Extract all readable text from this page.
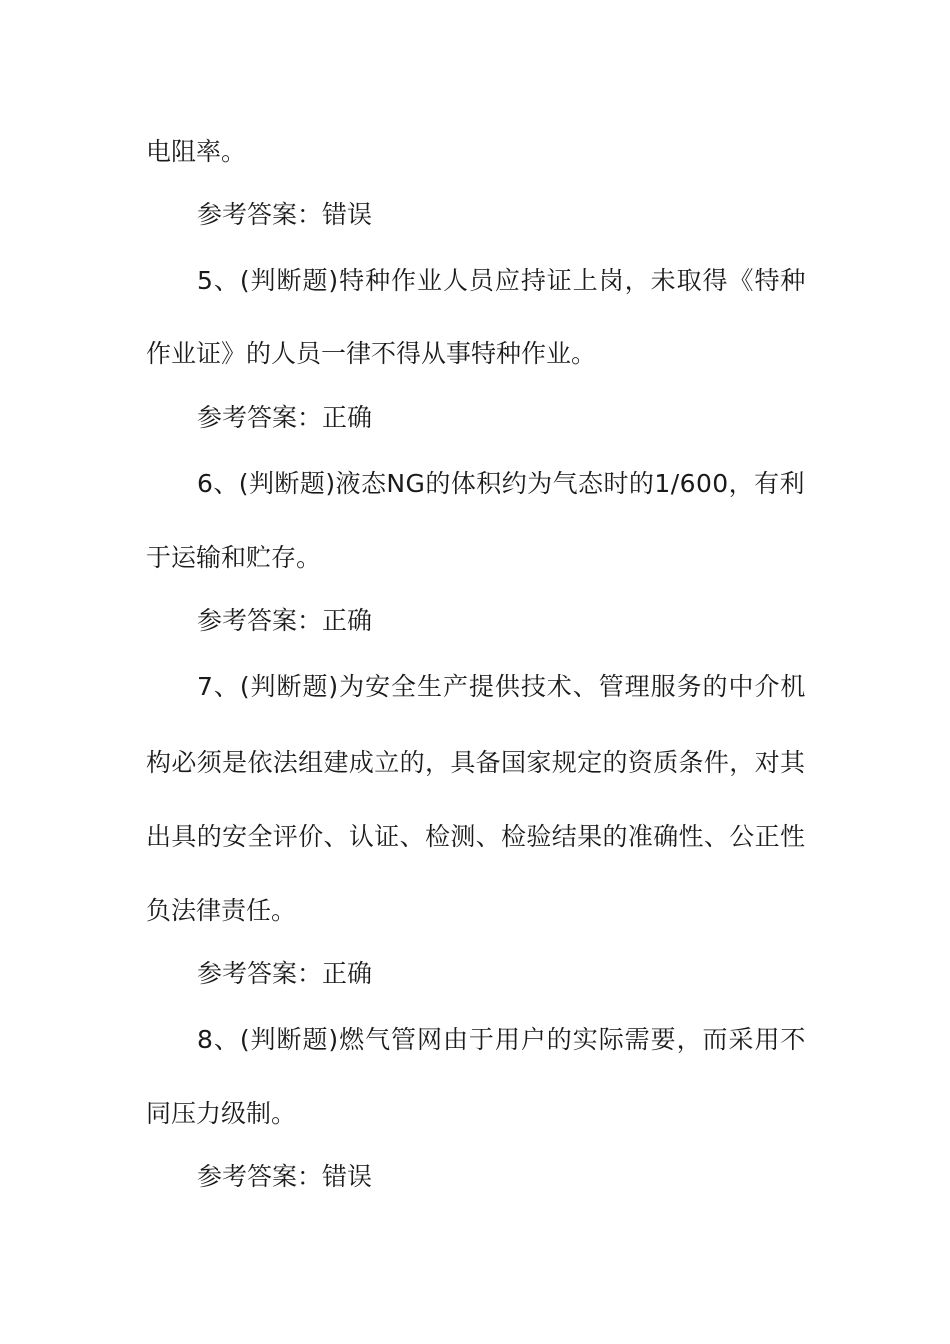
电阻率。
参考答案：错误
5、(判断题)特种作业人员应持证上岗，未取得《特种
作业证》的人员一律不得从事特种作业。
参考答案：正确
6、(判断题)液态NG的体积约为气态时的1/600，有利
于运输和贮存。
参考答案：正确
7、(判断题)为安全生产提供技术、管理服务的中介机
构必须是依法组建成立的，具备国家规定的资质条件，对其
出具的安全评价、认证、检测、检验结果的准确性、公正性
负法律责任。
参考答案：正确
8、(判断题)燃气管网由于用户的实际需要，而采用不
同压力级制。
参考答案：错误
